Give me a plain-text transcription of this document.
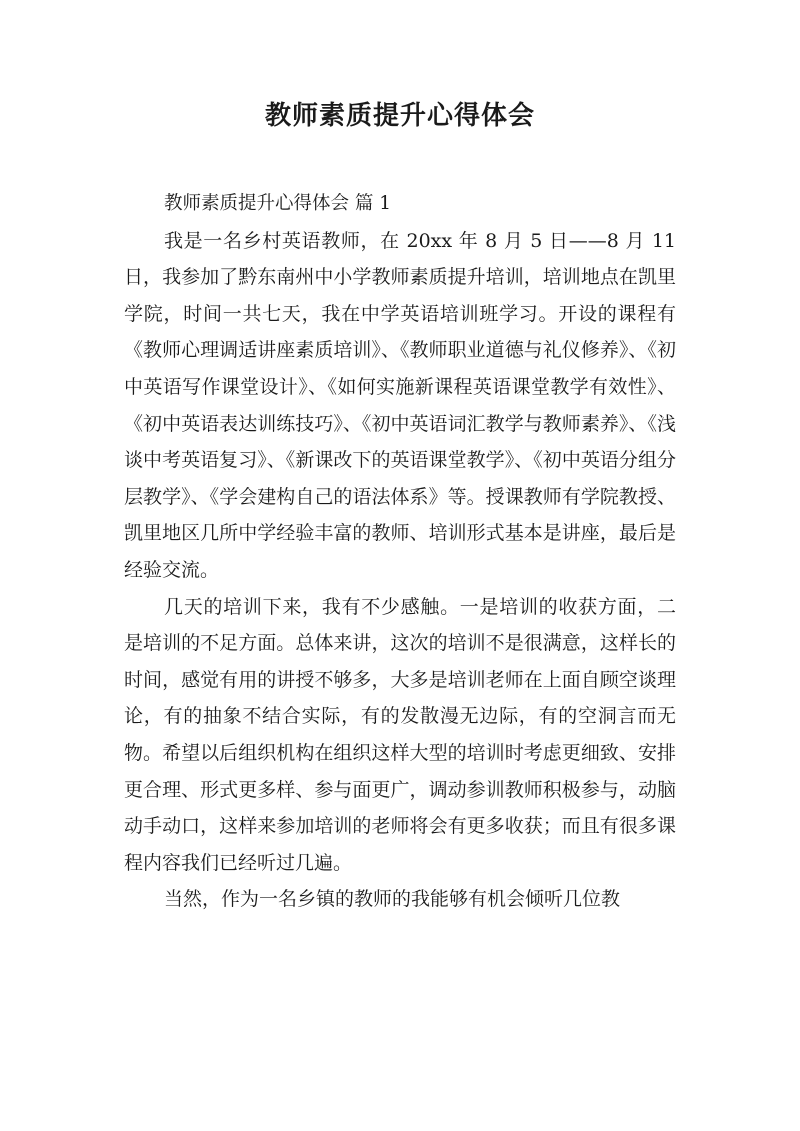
教师素质提升心得体会

教师素质提升心得体会 篇 1

我是一名乡村英语教师，在 20xx 年 8 月 5 日——8 月 11 日，我参加了黔东南州中小学教师素质提升培训，培训地点在凯里学院，时间一共七天，我在中学英语培训班学习。开设的课程有《教师心理调适讲座素质培训》、《教师职业道德与礼仪修养》、《初中英语写作课堂设计》、《如何实施新课程英语课堂教学有效性》、《初中英语表达训练技巧》、《初中英语词汇教学与教师素养》、《浅谈中考英语复习》、《新课改下的英语课堂教学》、《初中英语分组分层教学》、《学会建构自己的语法体系》等。授课教师有学院教授、凯里地区几所中学经验丰富的教师、培训形式基本是讲座，最后是经验交流。

几天的培训下来，我有不少感触。一是培训的收获方面，二是培训的不足方面。总体来讲，这次的培训不是很满意，这样长的时间，感觉有用的讲授不够多，大多是培训老师在上面自顾空谈理论，有的抽象不结合实际，有的发散漫无边际，有的空洞言而无物。希望以后组织机构在组织这样大型的培训时考虑更细致、安排更合理、形式更多样、参与面更广，调动参训教师积极参与，动脑动手动口，这样来参加培训的老师将会有更多收获；而且有很多课程内容我们已经听过几遍。

当然，作为一名乡镇的教师的我能够有机会倾听几位教
